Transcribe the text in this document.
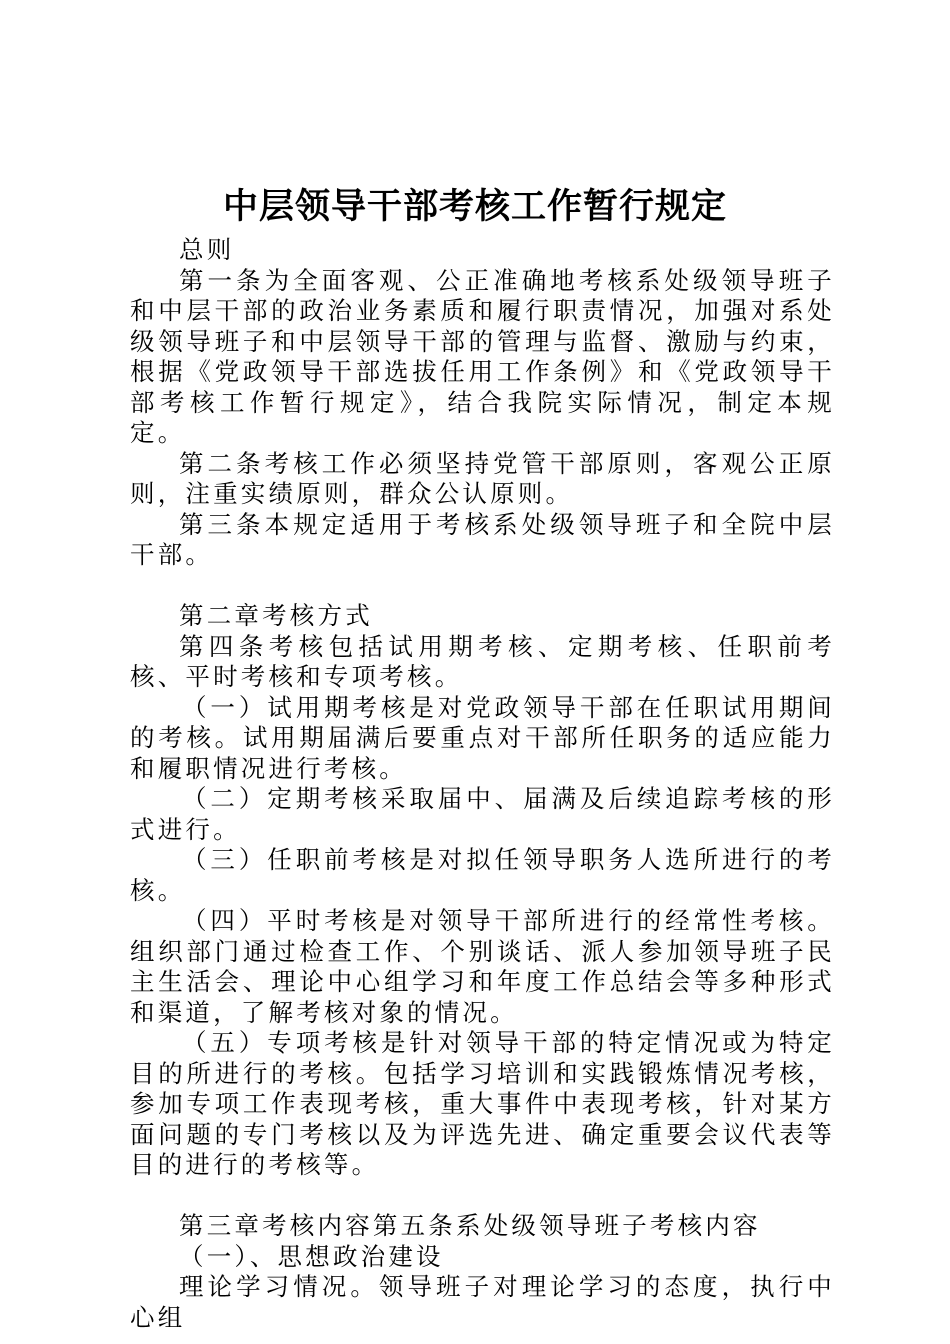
中层领导干部考核工作暂行规定

总则

第一条为全面客观、公正准确地考核系处级领导班子和中层干部的政治业务素质和履行职责情况，加强对系处级领导班子和中层领导干部的管理与监督、激励与约束，根据《党政领导干部选拔任用工作条例》和《党政领导干部考核工作暂行规定》，结合我院实际情况，制定本规定。

第二条考核工作必须坚持党管干部原则，客观公正原则，注重实绩原则，群众公认原则。

第三条本规定适用于考核系处级领导班子和全院中层干部。

第二章考核方式

第四条考核包括试用期考核、定期考核、任职前考核、平时考核和专项考核。

（一）试用期考核是对党政领导干部在任职试用期间的考核。试用期届满后要重点对干部所任职务的适应能力和履职情况进行考核。

（二）定期考核采取届中、届满及后续追踪考核的形式进行。

（三）任职前考核是对拟任领导职务人选所进行的考核。

（四）平时考核是对领导干部所进行的经常性考核。组织部门通过检查工作、个别谈话、派人参加领导班子民主生活会、理论中心组学习和年度工作总结会等多种形式和渠道，了解考核对象的情况。

（五）专项考核是针对领导干部的特定情况或为特定目的所进行的考核。包括学习培训和实践锻炼情况考核，参加专项工作表现考核，重大事件中表现考核，针对某方面问题的专门考核以及为评选先进、确定重要会议代表等目的进行的考核等。

第三章考核内容第五条系处级领导班子考核内容

（一）、思想政治建设

理论学习情况。领导班子对理论学习的态度，执行中心组
